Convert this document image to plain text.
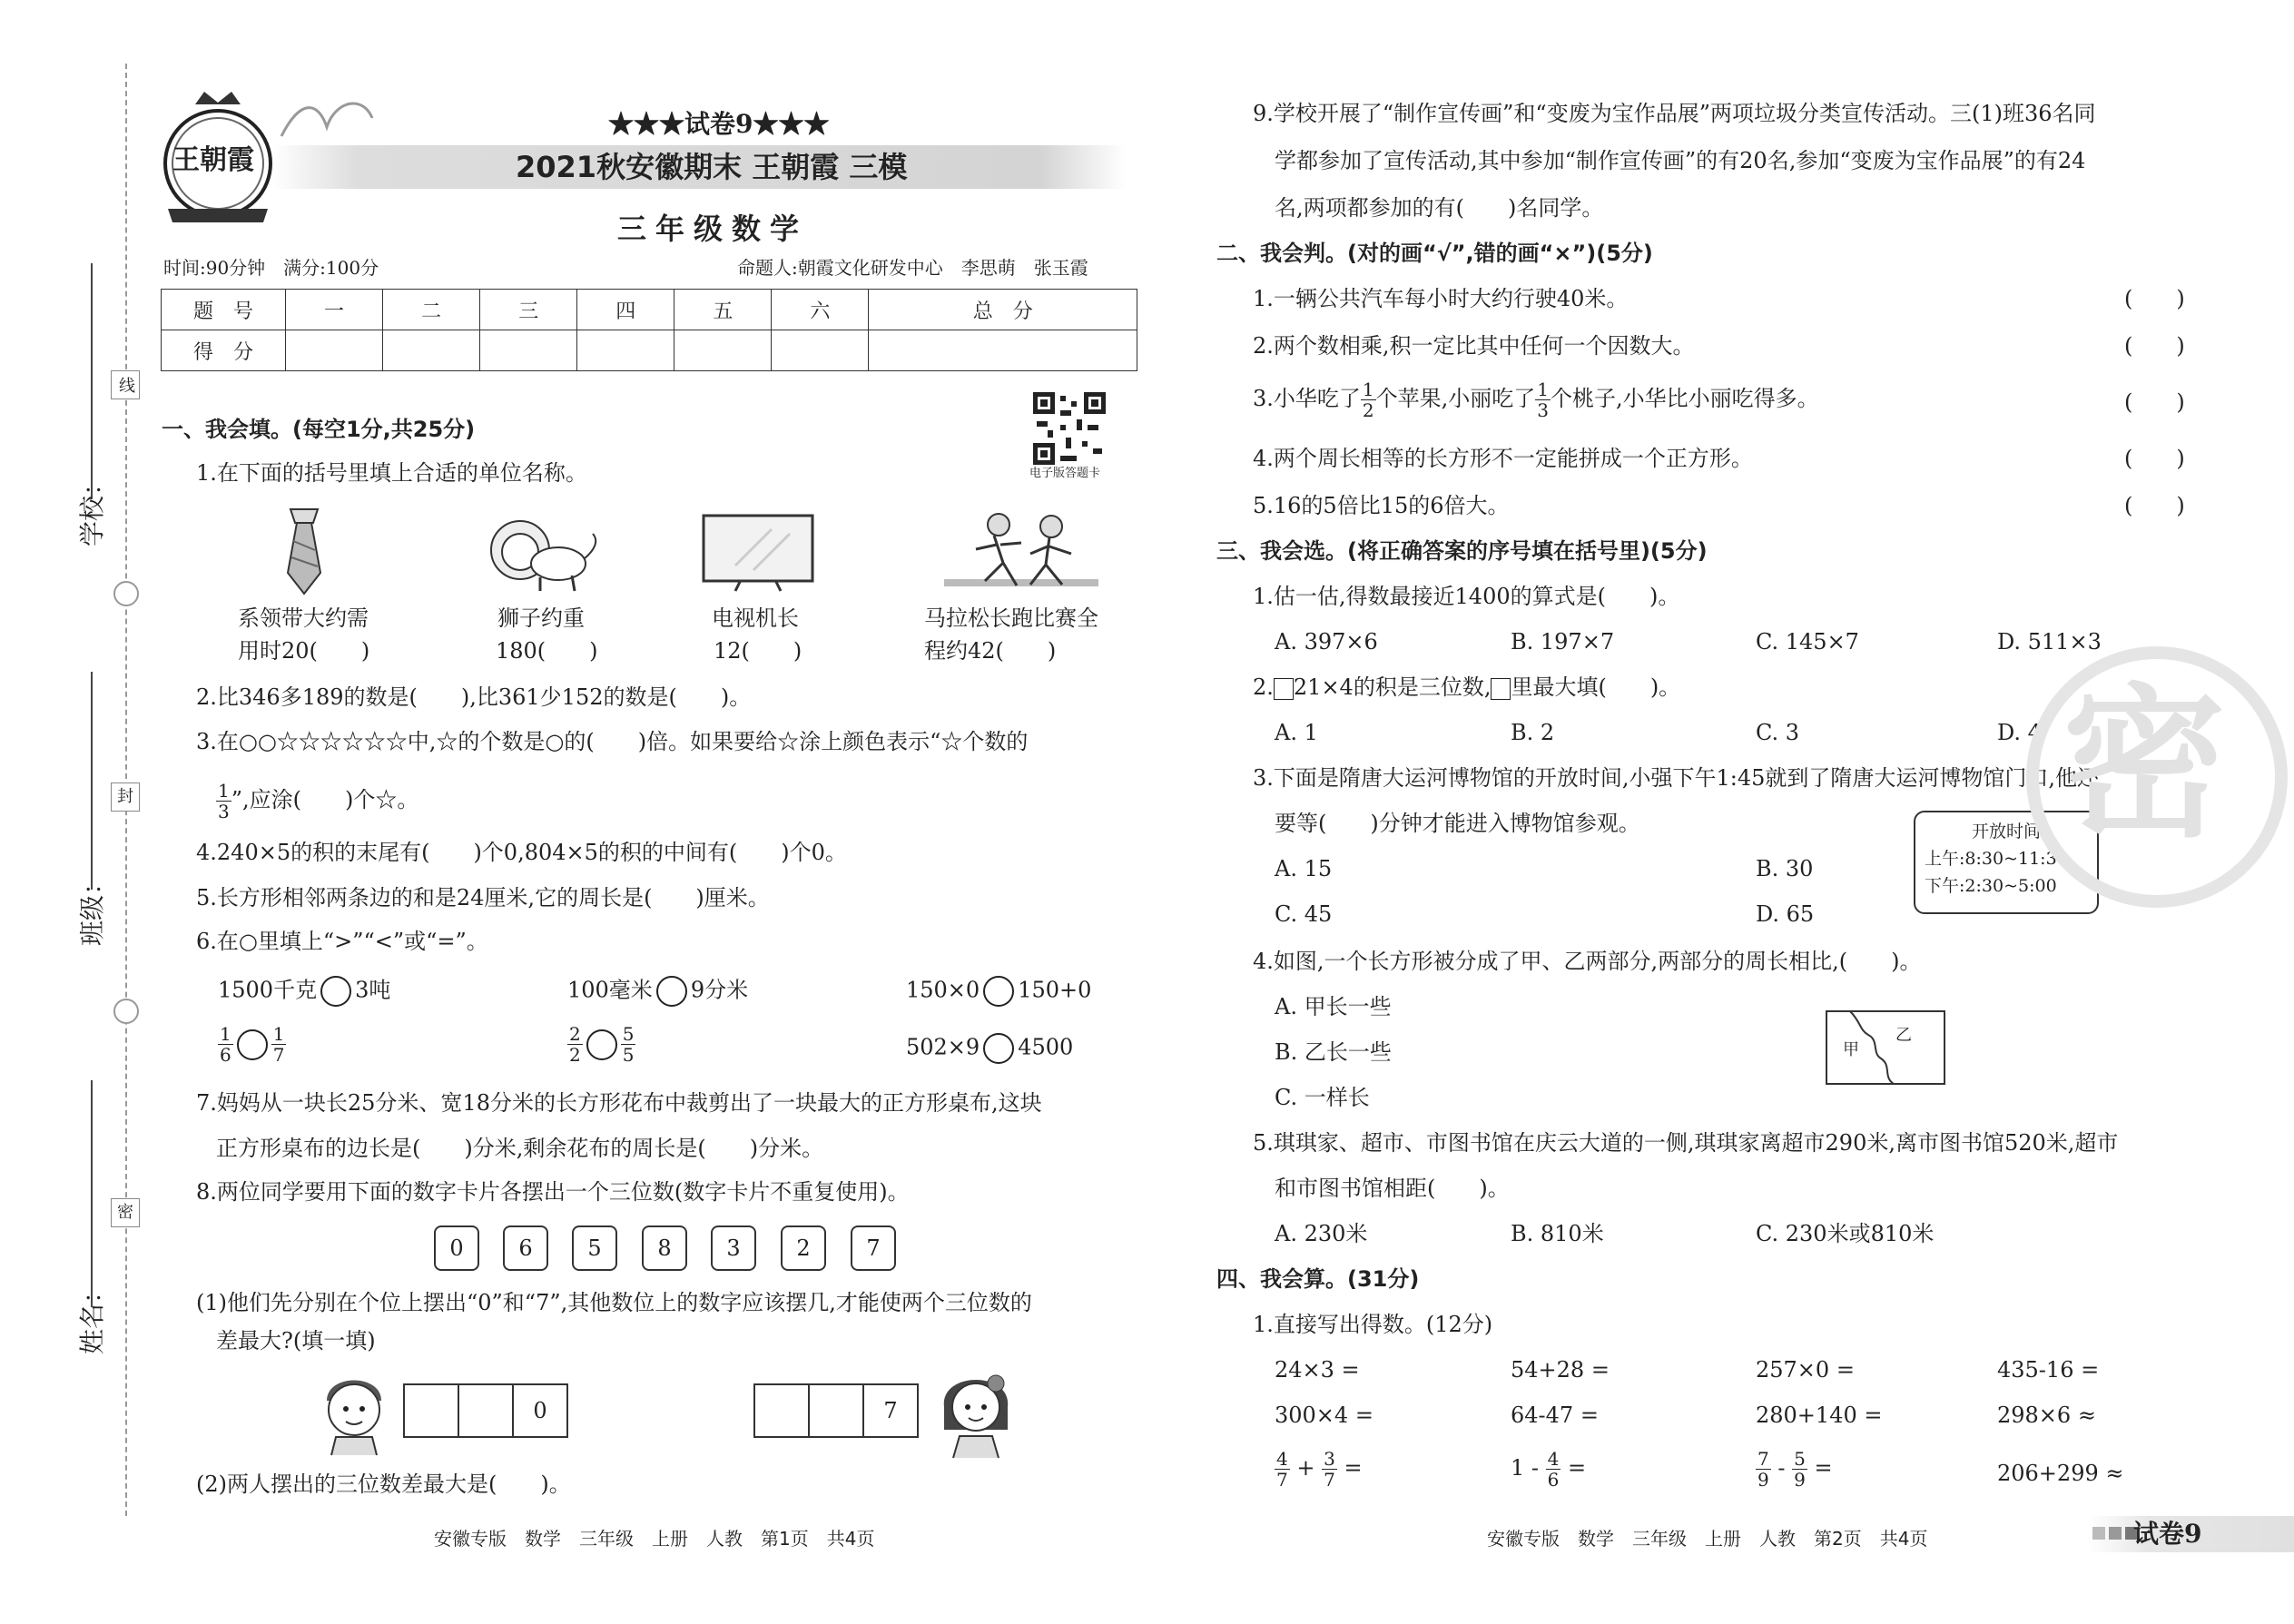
线
封
密
学校：
班级：
姓名：
王朝霞
★★★试卷9★★★
2021秋安徽期末 王朝霞 三模
三年级数学
时间:90分钟　满分:100分	命题人:朝霞文化研发中心　李思萌　张玉霞
题　号	一	二	三	四	五	六	总　分
得　分							
电子版答题卡
一、我会填。(每空1分,共25分)
1.在下面的括号里填上合适的单位名称。
系领带大约需
用时20(　　)
狮子约重
180(　　)
电视机长
12(　　)
马拉松长跑比赛全
程约42(　　)
2.比346多189的数是(　　),比361少152的数是(　　)。
3.在○○☆☆☆☆☆☆中,☆的个数是○的(　　)倍。如果要给☆涂上颜色表示“☆个数的
$\frac{1}{3}$ ”,应涂(　　)个☆。
4.240×5的积的末尾有(　　)个0,804×5的积的中间有(　　)个0。
5.长方形相邻两条边的和是24厘米,它的周长是(　　)厘米。
6.在○里填上“>”“<”或“=”。
1500千克 3吨	100毫米 9分米	150×0 150+0
$\frac{1}{6} \frac{1}{7}$	$\frac{2}{2} \frac{5}{5}$	502×9 4500
7.妈妈从一块长25分米、宽18分米的长方形花布中裁剪出了一块最大的正方形桌布,这块
正方形桌布的边长是(　　)分米,剩余花布的周长是(　　)分米。
8.两位同学要用下面的数字卡片各摆出一个三位数(数字卡片不重复使用)。
0	6	5	8	3	2	7
(1)他们先分别在个位上摆出“0”和“7”,其他数位上的数字应该摆几,才能使两个三位数的
差最大?(填一填)
0	7
(2)两人摆出的三位数差最大是(　　)。
安徽专版　数学　三年级　上册　人教　第1页　共4页
9.学校开展了“制作宣传画”和“变废为宝作品展”两项垃圾分类宣传活动。三(1)班36名同
学都参加了宣传活动,其中参加“制作宣传画”的有20名,参加“变废为宝作品展”的有24
名,两项都参加的有(　　)名同学。
二、我会判。(对的画“√”,错的画“×”)(5分)
1.一辆公共汽车每小时大约行驶40米。	(　　)
2.两个数相乘,积一定比其中任何一个因数大。	(　　)
3.小华吃了 $\frac{1}{2}$ 个苹果,小丽吃了 $\frac{1}{3}$ 个桃子,小华比小丽吃得多。	(　　)
4.两个周长相等的长方形不一定能拼成一个正方形。	(　　)
5.16的5倍比15的6倍大。	(　　)
三、我会选。(将正确答案的序号填在括号里)(5分)
1.估一估,得数最接近1400的算式是(　　)。
A. 397×6	B. 197×7	C. 145×7	D. 511×3
2. 21×4的积是三位数, 里最大填(　　)。
A. 1	B. 2	C. 3	D. 4
3.下面是隋唐大运河博物馆的开放时间,小强下午1:45就到了隋唐大运河博物馆门口,他还
要等(　　)分钟才能进入博物馆参观。
A. 15	B. 30
C. 45	D. 65
开放时间
上午:8:30~11:30
下午:2:30~5:00
4.如图,一个长方形被分成了甲、乙两部分,两部分的周长相比,(　　)。
A. 甲长一些
B. 乙长一些
C. 一样长
甲
乙
5.琪琪家、超市、市图书馆在庆云大道的一侧,琪琪家离超市290米,离市图书馆520米,超市
和市图书馆相距(　　)。
A. 230米	B. 810米	C. 230米或810米
四、我会算。(31分)
1.直接写出得数。(12分)
24×3 =	54+28 =	257×0 =	435-16 =
300×4 =	64-47 =	280+140 =	298×6 ≈
$\frac{4}{7} + \frac{3}{7}$ =	$1 - \frac{4}{6}$ =	$\frac{7}{9} - \frac{5}{9}$ =	206+299 ≈
安徽专版　数学　三年级　上册　人教　第2页　共4页	试卷9
密
